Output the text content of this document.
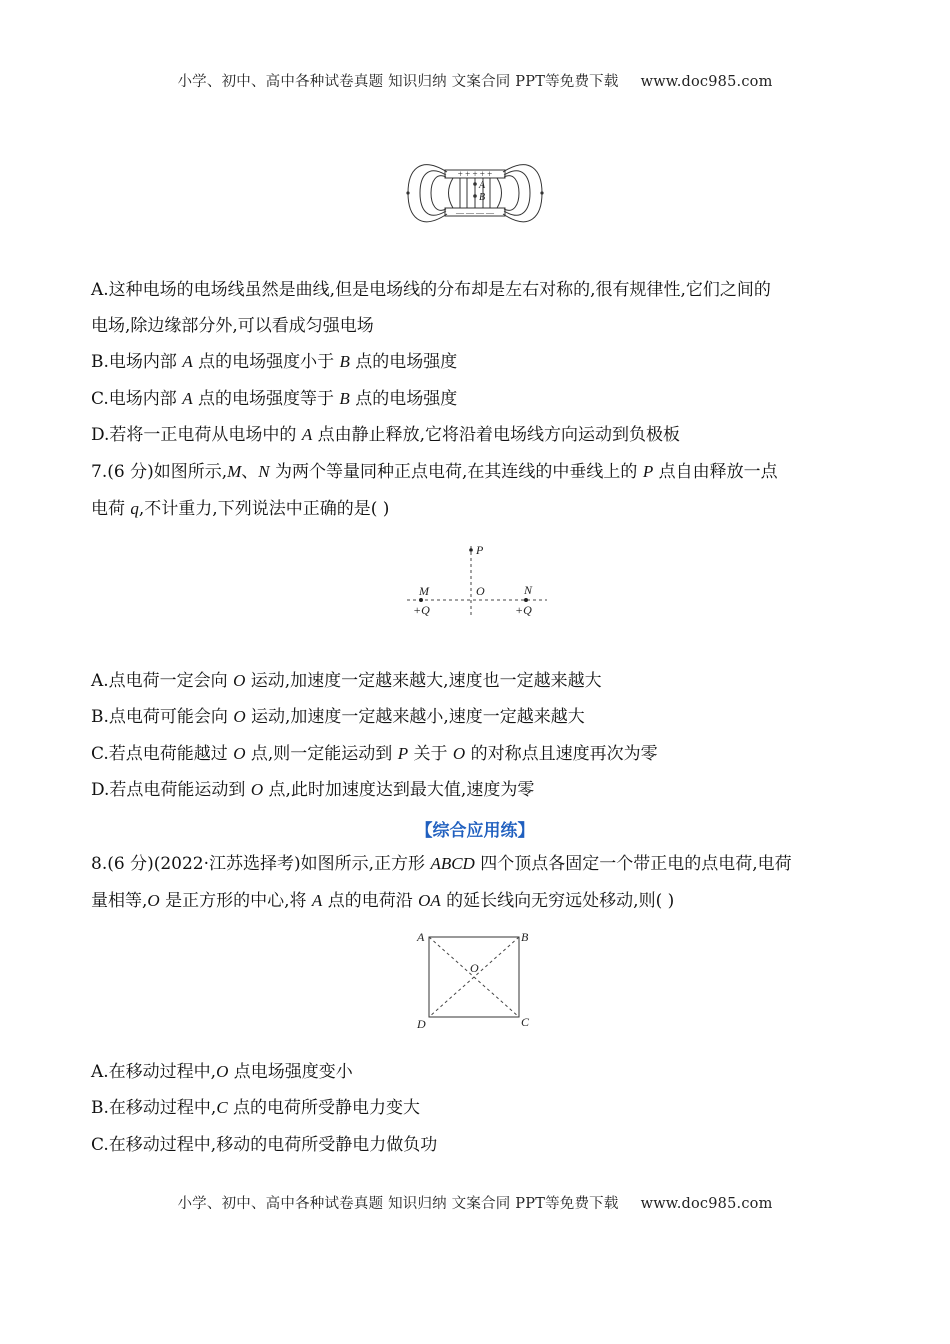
小学、初中、高中各种试卷真题 知识归纳 文案合同 PPT等免费下载 www.doc985.com
+ + + + +
— — — —
A
B
A.这种电场的电场线虽然是曲线,但是电场线的分布却是左右对称的,很有规律性,它们之间的
电场,除边缘部分外,可以看成匀强电场
B.电场内部 A 点的电场强度小于 B 点的电场强度
C.电场内部 A 点的电场强度等于 B 点的电场强度
D.若将一正电荷从电场中的 A 点由静止释放,它将沿着电场线方向运动到负极板
7.(6 分)如图所示,M、N 为两个等量同种正点电荷,在其连线的中垂线上的 P 点自由释放一点
电荷 q,不计重力,下列说法中正确的是( )
P
O
M	N
+Q	+Q
A.点电荷一定会向 O 运动,加速度一定越来越大,速度也一定越来越大
B.点电荷可能会向 O 运动,加速度一定越来越小,速度一定越来越大
C.若点电荷能越过 O 点,则一定能运动到 P 关于 O 的对称点且速度再次为零
D.若点电荷能运动到 O 点,此时加速度达到最大值,速度为零
【综合应用练】
8.(6 分)(2022·江苏选择考)如图所示,正方形 ABCD 四个顶点各固定一个带正电的点电荷,电荷
量相等,O 是正方形的中心,将 A 点的电荷沿 OA 的延长线向无穷远处移动,则( )
A	B
C
D
O
A.在移动过程中,O 点电场强度变小
B.在移动过程中,C 点的电荷所受静电力变大
C.在移动过程中,移动的电荷所受静电力做负功
小学、初中、高中各种试卷真题 知识归纳 文案合同 PPT等免费下载 www.doc985.com
